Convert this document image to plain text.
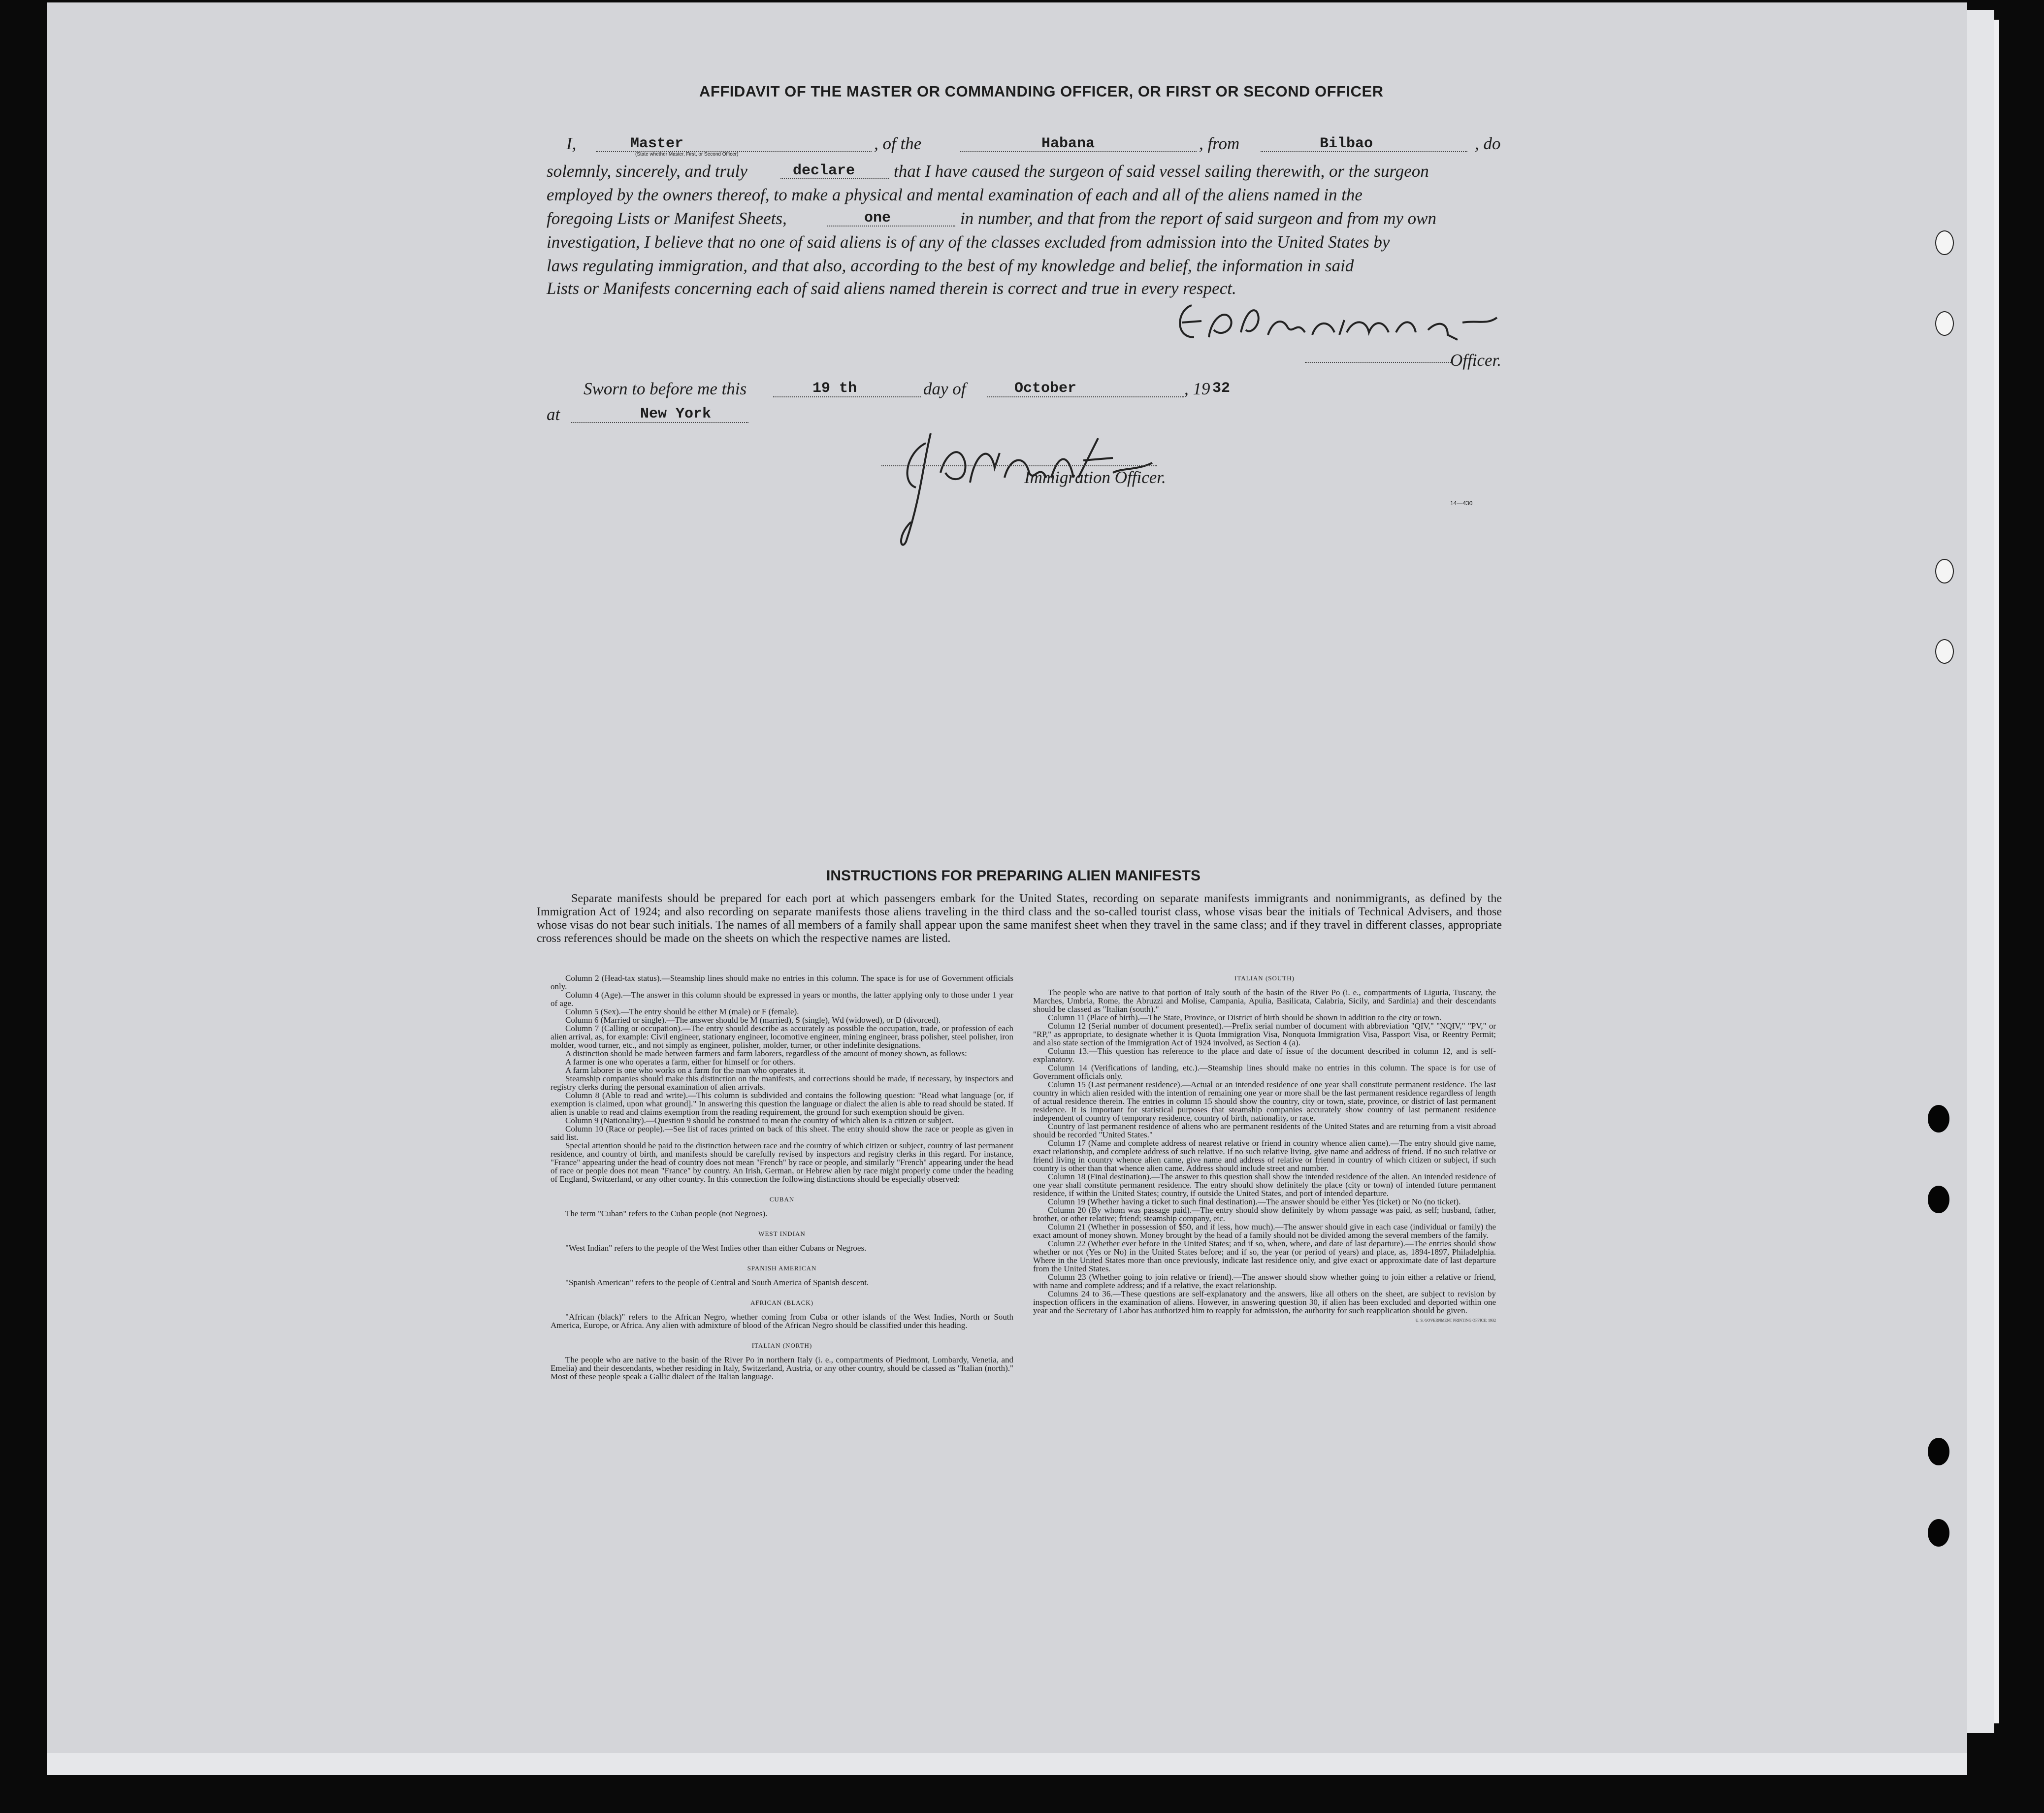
AFFIDAVIT OF THE MASTER OR COMMANDING OFFICER, OR FIRST OR SECOND OFFICER
I,	Master
(State whether Master, First, or Second Officer)
, of the	Habana	, from	Bilbao	, do
solemnly, sincerely, and truly	declare that I have caused the surgeon of said vessel sailing therewith, or the surgeon
employed by the owners thereof, to make a physical and mental examination of each and all of the aliens named in the
foregoing Lists or Manifest Sheets,	one	in number, and that from the report of said surgeon and from my own
investigation, I believe that no one of said aliens is of any of the classes excluded from admission into the United States by
laws regulating immigration, and that also, according to the best of my knowledge and belief, the information in said
Lists or Manifests concerning each of said aliens named therein is correct and true in every respect.
Officer.
Sworn to before me this	19 th	day of	October	, 19 32
at	New York
Immigration Officer.
14—430
INSTRUCTIONS FOR PREPARING ALIEN MANIFESTS
Separate manifests should be prepared for each port at which passengers embark for the United States, recording on separate manifests immigrants and nonimmigrants, as defined by the Immigration Act of 1924; and also recording on separate manifests those aliens traveling in the third class and the so-called tourist class, whose visas bear the initials of Technical Advisers, and those whose visas do not bear such initials. The names of all members of a family shall appear upon the same manifest sheet when they travel in the same class; and if they travel in different classes, appropriate cross references should be made on the sheets on which the respective names are listed.

Column 2 (Head-tax status).—Steamship lines should make no entries in this column. The space is for use of Government officials only.

Column 4 (Age).—The answer in this column should be expressed in years or months, the latter applying only to those under 1 year of age.

Column 5 (Sex).—The entry should be either M (male) or F (female).

Column 6 (Married or single).—The answer should be M (married), S (single), Wd (widowed), or D (divorced).

Column 7 (Calling or occupation).—The entry should describe as accurately as possible the occupation, trade, or profession of each alien arrival, as, for example: Civil engineer, stationary engineer, locomotive engineer, mining engineer, brass polisher, steel polisher, iron molder, wood turner, etc., and not simply as engineer, polisher, molder, turner, or other indefinite designations.

A distinction should be made between farmers and farm laborers, regardless of the amount of money shown, as follows:

A farmer is one who operates a farm, either for himself or for others.

A farm laborer is one who works on a farm for the man who operates it.

Steamship companies should make this distinction on the manifests, and corrections should be made, if necessary, by inspectors and registry clerks during the personal examination of alien arrivals.

Column 8 (Able to read and write).—This column is subdivided and contains the following question: "Read what language [or, if exemption is claimed, upon what ground]." In answering this question the language or dialect the alien is able to read should be stated. If alien is unable to read and claims exemption from the reading requirement, the ground for such exemption should be given.

Column 9 (Nationality).—Question 9 should be construed to mean the country of which alien is a citizen or subject.

Column 10 (Race or people).—See list of races printed on back of this sheet. The entry should show the race or people as given in said list.

Special attention should be paid to the distinction between race and the country of which citizen or subject, country of last permanent residence, and country of birth, and manifests should be carefully revised by inspectors and registry clerks in this regard. For instance, "France" appearing under the head of country does not mean "French" by race or people, and similarly "French" appearing under the head of race or people does not mean "France" by country. An Irish, German, or Hebrew alien by race might properly come under the heading of England, Switzerland, or any other country. In this connection the following distinctions should be especially observed:

CUBAN

The term "Cuban" refers to the Cuban people (not Negroes).

WEST INDIAN

"West Indian" refers to the people of the West Indies other than either Cubans or Negroes.

SPANISH AMERICAN

"Spanish American" refers to the people of Central and South America of Spanish descent.

AFRICAN (BLACK)

"African (black)" refers to the African Negro, whether coming from Cuba or other islands of the West Indies, North or South America, Europe, or Africa. Any alien with admixture of blood of the African Negro should be classified under this heading.

ITALIAN (NORTH)

The people who are native to the basin of the River Po in northern Italy (i. e., compartments of Piedmont, Lombardy, Venetia, and Emelia) and their descendants, whether residing in Italy, Switzerland, Austria, or any other country, should be classed as "Italian (north)." Most of these people speak a Gallic dialect of the Italian language.

ITALIAN (SOUTH)

The people who are native to that portion of Italy south of the basin of the River Po (i. e., compartments of Liguria, Tuscany, the Marches, Umbria, Rome, the Abruzzi and Molise, Campania, Apulia, Basilicata, Calabria, Sicily, and Sardinia) and their descendants should be classed as "Italian (south)."

Column 11 (Place of birth).—The State, Province, or District of birth should be shown in addition to the city or town.

Column 12 (Serial number of document presented).—Prefix serial number of document with abbreviation "QIV," "NQIV," "PV," or "RP," as appropriate, to designate whether it is Quota Immigration Visa, Nonquota Immigration Visa, Passport Visa, or Reentry Permit; and also state section of the Immigration Act of 1924 involved, as Section 4 (a).

Column 13.—This question has reference to the place and date of issue of the document described in column 12, and is self-explanatory.

Column 14 (Verifications of landing, etc.).—Steamship lines should make no entries in this column. The space is for use of Government officials only.

Column 15 (Last permanent residence).—Actual or an intended residence of one year shall constitute permanent residence. The last country in which alien resided with the intention of remaining one year or more shall be the last permanent residence regardless of length of actual residence therein. The entries in column 15 should show the country, city or town, state, province, or district of last permanent residence. It is important for statistical purposes that steamship companies accurately show country of last permanent residence independent of country of temporary residence, country of birth, nationality, or race.

Country of last permanent residence of aliens who are permanent residents of the United States and are returning from a visit abroad should be recorded "United States."

Column 17 (Name and complete address of nearest relative or friend in country whence alien came).—The entry should give name, exact relationship, and complete address of such relative. If no such relative living, give name and address of friend. If no such relative or friend living in country whence alien came, give name and address of relative or friend in country of which citizen or subject, if such country is other than that whence alien came. Address should include street and number.

Column 18 (Final destination).—The answer to this question shall show the intended residence of the alien. An intended residence of one year shall constitute permanent residence. The entry should show definitely the place (city or town) of intended future permanent residence, if within the United States; country, if outside the United States, and port of intended departure.

Column 19 (Whether having a ticket to such final destination).—The answer should be either Yes (ticket) or No (no ticket).

Column 20 (By whom was passage paid).—The entry should show definitely by whom passage was paid, as self; husband, father, brother, or other relative; friend; steamship company, etc.

Column 21 (Whether in possession of $50, and if less, how much).—The answer should give in each case (individual or family) the exact amount of money shown. Money brought by the head of a family should not be divided among the several members of the family.

Column 22 (Whether ever before in the United States; and if so, when, where, and date of last departure).—The entries should show whether or not (Yes or No) in the United States before; and if so, the year (or period of years) and place, as, 1894-1897, Philadelphia. Where in the United States more than once previously, indicate last residence only, and give exact or approximate date of last departure from the United States.

Column 23 (Whether going to join relative or friend).—The answer should show whether going to join either a relative or friend, with name and complete address; and if a relative, the exact relationship.

Columns 24 to 36.—These questions are self-explanatory and the answers, like all others on the sheet, are subject to revision by inspection officers in the examination of aliens. However, in answering question 30, if alien has been excluded and deported within one year and the Secretary of Labor has authorized him to reapply for admission, the authority for such reapplication should be given.

U. S. GOVERNMENT PRINTING OFFICE: 1932
